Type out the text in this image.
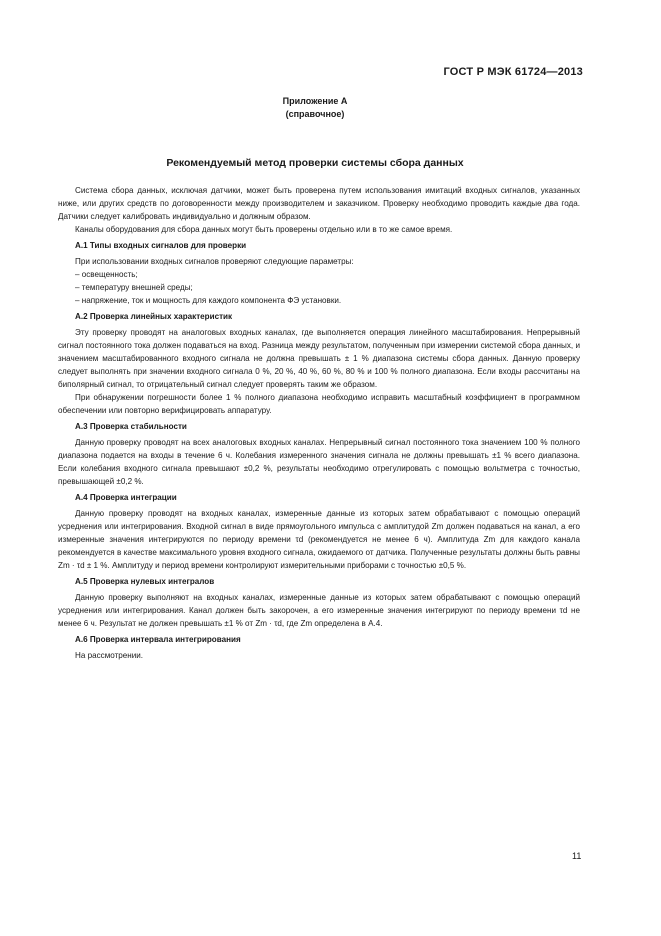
ГОСТ Р МЭК 61724—2013
Приложение А
(справочное)
Рекомендуемый метод проверки системы сбора данных

Система сбора данных, исключая датчики, может быть проверена путем использования имитаций входных сигналов, указанных ниже, или других средств по договоренности между производителем и заказчиком. Проверку необходимо проводить каждые два года. Датчики следует калибровать индивидуально и должным образом.

Каналы оборудования для сбора данных могут быть проверены отдельно или в то же самое время.

А.1 Типы входных сигналов для проверки

При использовании входных сигналов проверяют следующие параметры:

– освещенность;
– температуру внешней среды;
– напряжение, ток и мощность для каждого компонента ФЭ установки.
А.2 Проверка линейных характеристик

Эту проверку проводят на аналоговых входных каналах, где выполняется операция линейного масштабирования. Непрерывный сигнал постоянного тока должен подаваться на вход. Разница между результатом, полученным при измерении системой сбора данных, и значением масштабированного входного сигнала не должна превышать ± 1 % диапазона системы сбора данных. Данную проверку следует выполнять при значении входного сигнала 0 %, 20 %, 40 %, 60 %, 80 % и 100 % полного диапазона. Если входы рассчитаны на биполярный сигнал, то отрицательный сигнал следует проверять таким же образом.

При обнаружении погрешности более 1 % полного диапазона необходимо исправить масштабный коэффициент в программном обеспечении или повторно верифицировать аппаратуру.

А.3 Проверка стабильности

Данную проверку проводят на всех аналоговых входных каналах. Непрерывный сигнал постоянного тока значением 100 % полного диапазона подается на входы в течение 6 ч. Колебания измеренного значения сигнала не должны превышать ±1 % всего диапазона. Если колебания входного сигнала превышают ±0,2 %, результаты необходимо отрегулировать с помощью вольтметра с точностью, превышающей ±0,2 %.

А.4 Проверка интеграции

Данную проверку проводят на входных каналах, измеренные данные из которых затем обрабатывают с помощью операций усреднения или интегрирования. Входной сигнал в виде прямоугольного импульса с амплитудой Zm должен подаваться на канал, а его измеренные значения интегрируются по периоду времени τd (рекомендуется не менее 6 ч). Амплитуда Zm для каждого канала рекомендуется в качестве максимального уровня входного сигнала, ожидаемого от датчика. Полученные результаты должны быть равны Zm · τd ± 1 %. Амплитуду и период времени контролируют измерительными приборами с точностью ±0,5 %.

А.5 Проверка нулевых интегралов

Данную проверку выполняют на входных каналах, измеренные данные из которых затем обрабатывают с помощью операций усреднения или интегрирования. Канал должен быть закорочен, а его измеренные значения интегрируют по периоду времени τd не менее 6 ч. Результат не должен превышать ±1 % от Zm · τd, где Zm определена в А.4.

А.6 Проверка интервала интегрирования

На рассмотрении.

11
